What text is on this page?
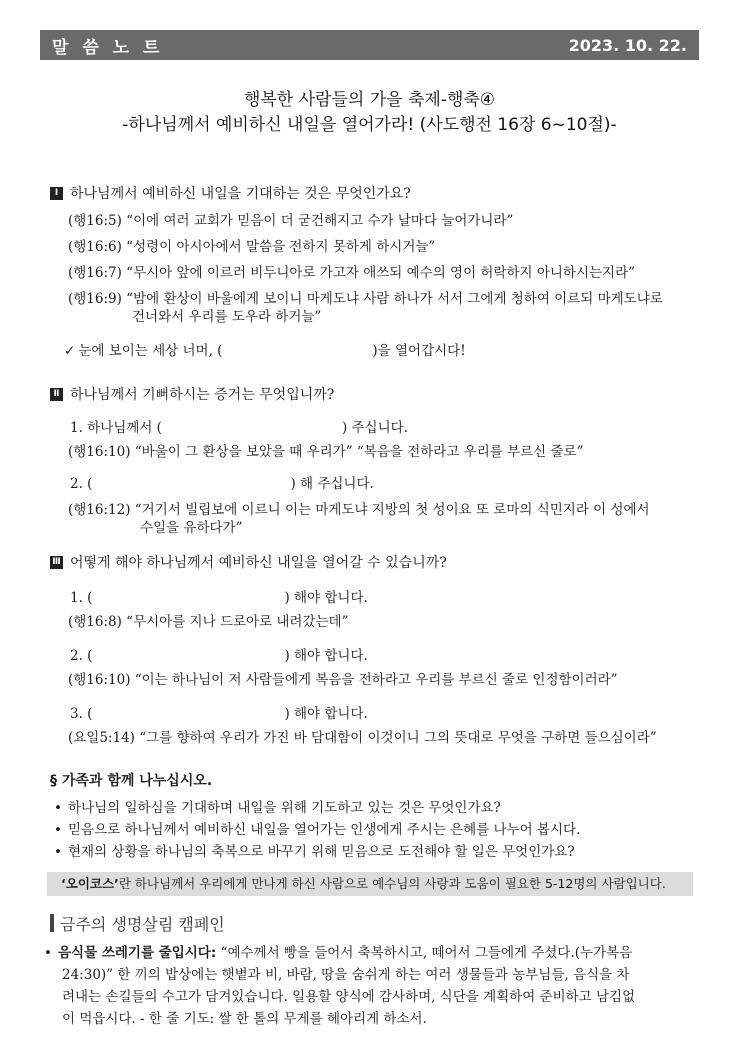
말 씀 노 트	2023. 10. 22.
행복한 사람들의 가을 축제-행축④
-하나님께서 예비하신 내일을 열어가라! (사도행전 16장 6~10절)-
Ⅰ 하나님께서 예비하신 내일을 기대하는 것은 무엇인가요?
(행16:5) “이에 여러 교회가 믿음이 더 굳건해지고 수가 날마다 늘어가니라”
(행16:6) “성령이 아시아에서 말씀을 전하지 못하게 하시거늘”
(행16:7) “무시아 앞에 이르러 비두니아로 가고자 애쓰되 예수의 영이 허락하지 아니하시는지라”
(행16:9) “밤에 환상이 바울에게 보이니 마게도냐 사람 하나가 서서 그에게 청하여 이르되 마게도냐로
건너와서 우리를 도우라 하거늘”
✓ 눈에 보이는 세상 너머, (	)을 열어갑시다!
Ⅱ 하나님께서 기뻐하시는 증거는 무엇입니까?
1. 하나님께서 (	) 주십니다.
(행16:10) “바울이 그 환상을 보았을 때 우리가” “복음을 전하라고 우리를 부르신 줄로”
2. (	) 해 주십니다.
(행16:12) “거기서 빌립보에 이르니 이는 마게도냐 지방의 첫 성이요 또 로마의 식민지라 이 성에서
수일을 유하다가”
Ⅲ 어떻게 해야 하나님께서 예비하신 내일을 열어갈 수 있습니까?
1. (	) 해야 합니다.
(행16:8) “무시아를 지나 드로아로 내려갔는데”
2. (	) 해야 합니다.
(행16:10) “이는 하나님이 저 사람들에게 복음을 전하라고 우리를 부르신 줄로 인정함이러라”
3. (	) 해야 합니다.
(요일5:14) “그를 향하여 우리가 가진 바 담대함이 이것이니 그의 뜻대로 무엇을 구하면 들으심이라”
§ 가족과 함께 나누십시오.
• 하나님의 일하심을 기대하며 내일을 위해 기도하고 있는 것은 무엇인가요?
• 믿음으로 하나님께서 예비하신 내일을 열어가는 인생에게 주시는 은혜를 나누어 봅시다.
• 현재의 상황을 하나님의 축복으로 바꾸기 위해 믿음으로 도전해야 할 일은 무엇인가요?
‘오이코스’란 하나님께서 우리에게 만나게 하신 사람으로 예수님의 사랑과 도움이 필요한 5-12명의 사람입니다.
금주의 생명살림 캠페인
• 음식물 쓰레기를 줄입시다: “예수께서 빵을 들어서 축복하시고, 떼어서 그들에게 주셨다.(누가복음
24:30)” 한 끼의 밥상에는 햇볕과 비, 바람, 땅을 숨쉬게 하는 여러 생물들과 농부님들, 음식을 차
려내는 손길들의 수고가 담겨있습니다. 일용할 양식에 감사하며, 식단을 계획하여 준비하고 남김없
이 먹읍시다. - 한 줄 기도: 쌀 한 톨의 무게를 헤아리게 하소서.
